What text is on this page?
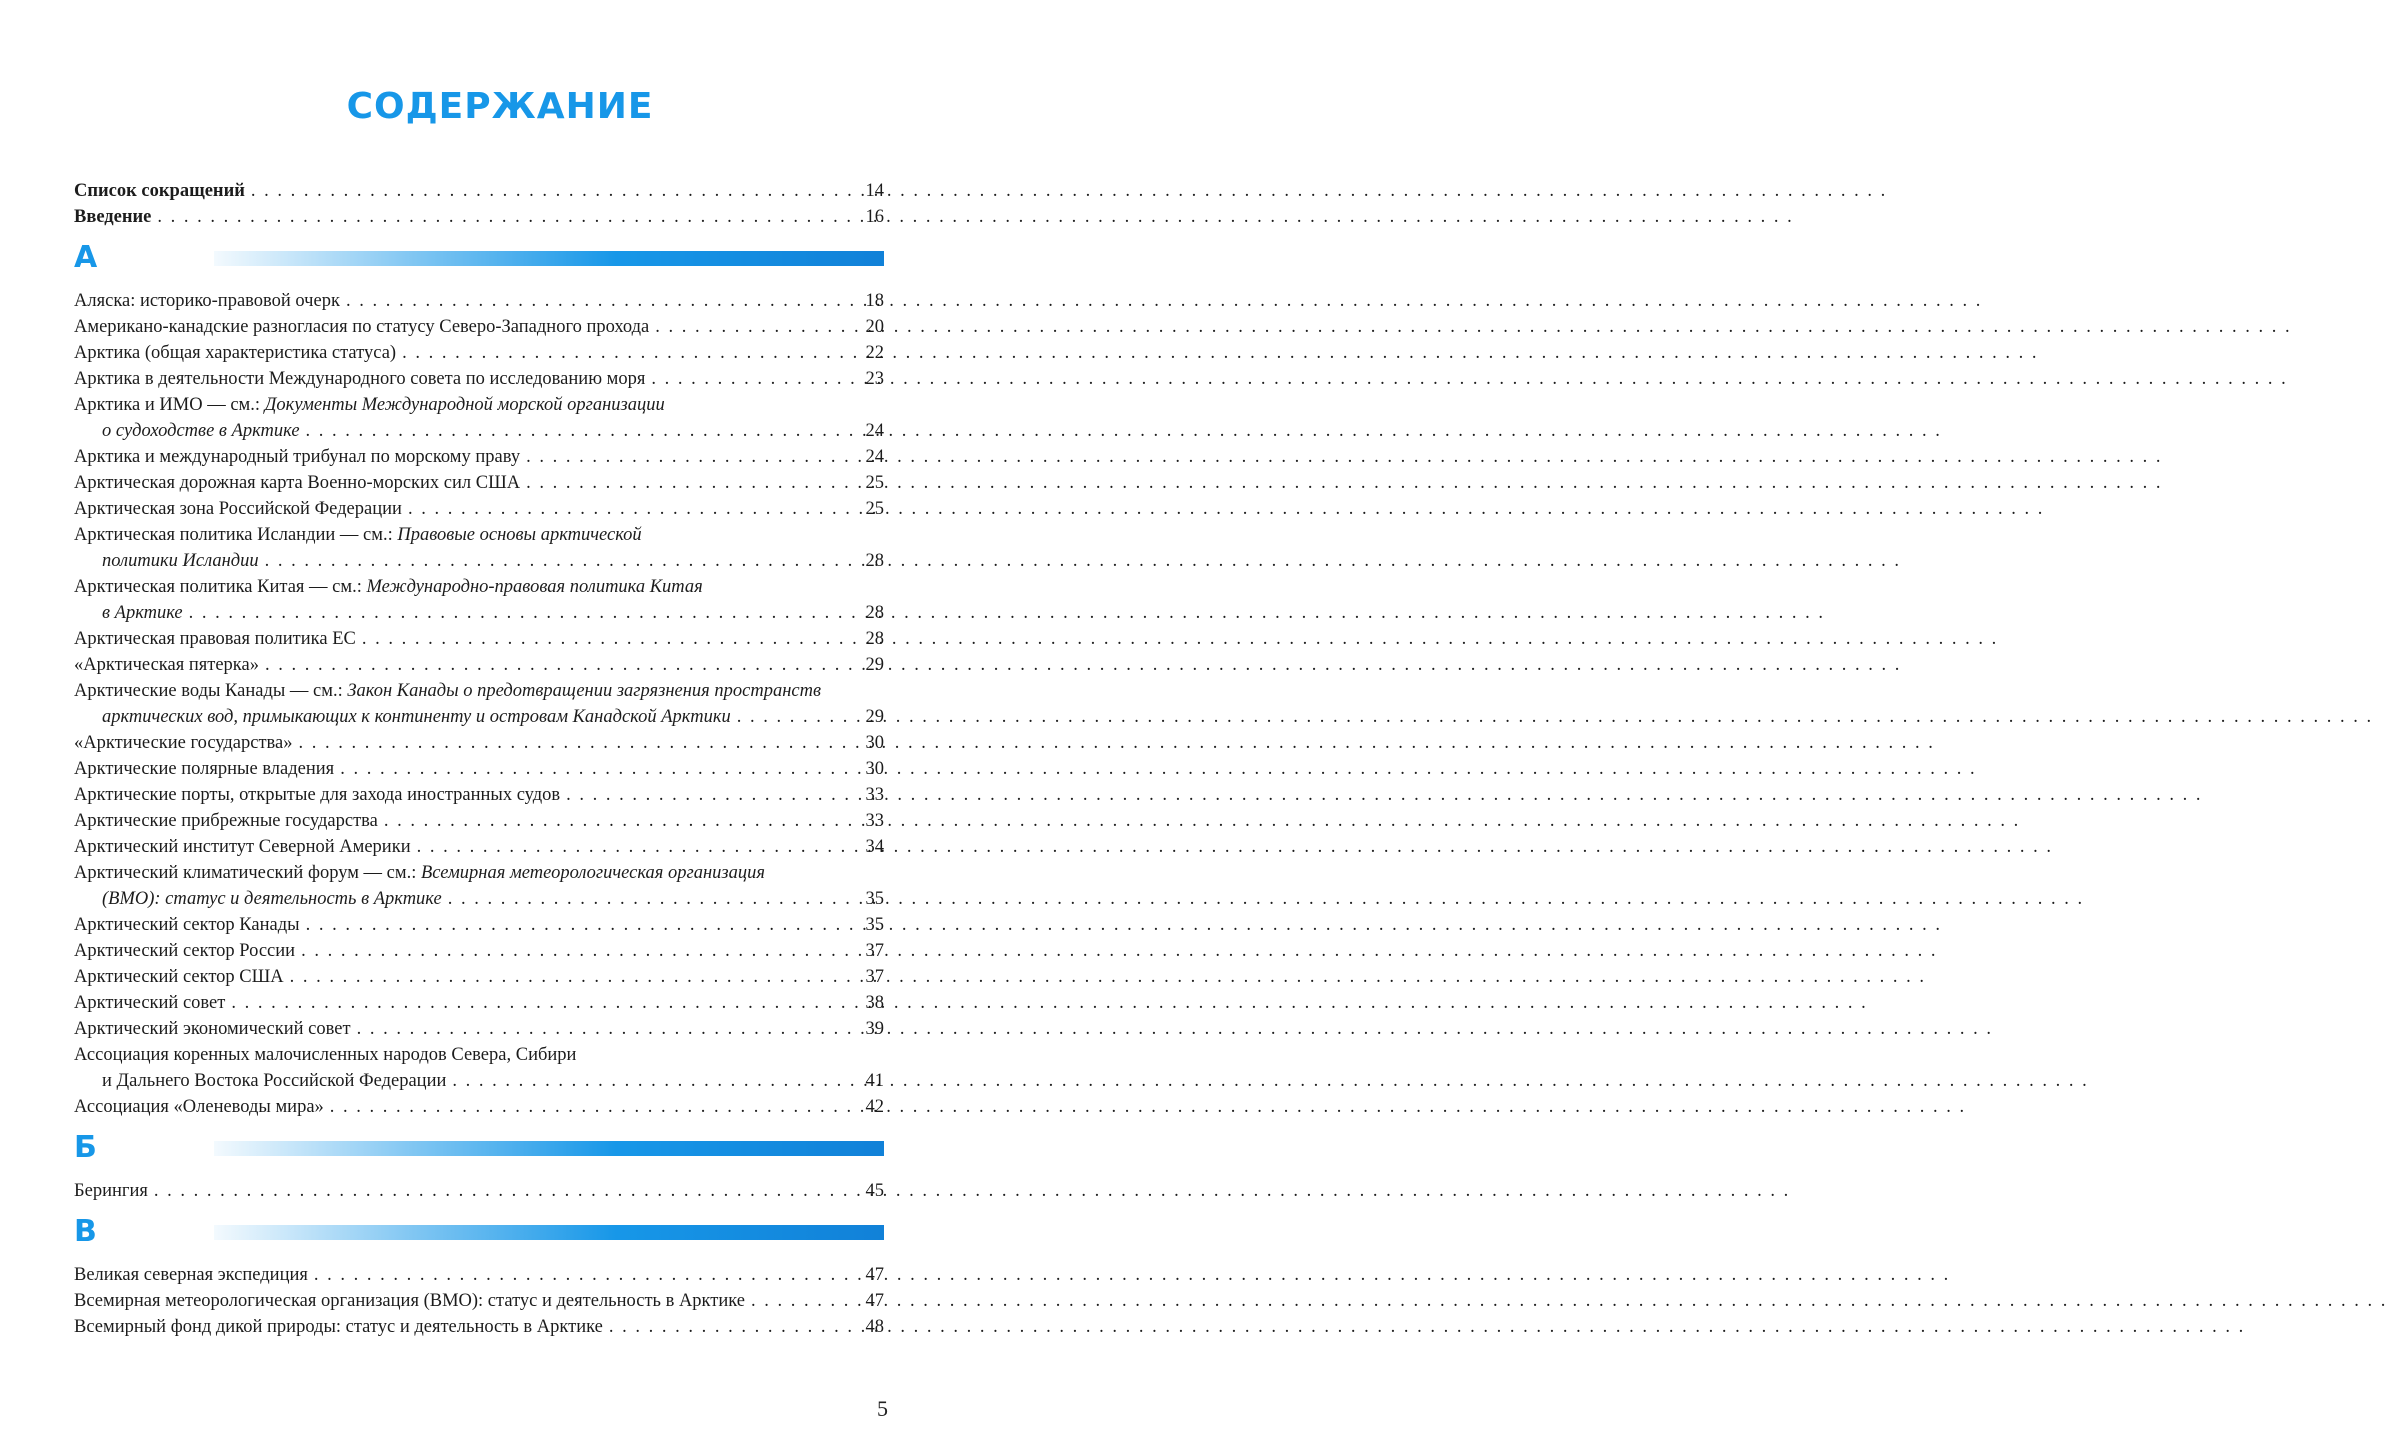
СОДЕРЖАНИЕ
Список сокращений . . .	14
Введение . . .	16
А
Аляска: историко-правовой очерк . . .	18
Американо-канадские разногласия по статусу Северо-Западного прохода . . .	20
Арктика (общая характеристика статуса) . . .	22
Арктика в деятельности Международного совета по исследованию моря . . .	23
Арктика и ИМО — см.: Документы Международной морской организации
о судоходстве в Арктике . . .	24
Арктика и международный трибунал по морскому праву . . .	24
Арктическая дорожная карта Военно-морских сил США . . .	25
Арктическая зона Российской Федерации . . .	25
Арктическая политика Исландии — см.: Правовые основы арктической
политики Исландии . . .	28
Арктическая политика Китая — см.: Международно-правовая политика Китая
в Арктике . . .	28
Арктическая правовая политика ЕС . . .	28
«Арктическая пятерка» . . .	29
Арктические воды Канады — см.: Закон Канады о предотвращении загрязнения пространств
арктических вод, примыкающих к континенту и островам Канадской Арктики . . .	29
«Арктические государства» . . .	30
Арктические полярные владения . . .	30
Арктические порты, открытые для захода иностранных судов . . .	33
Арктические прибрежные государства . . .	33
Арктический институт Северной Америки . . .	34
Арктический климатический форум — см.: Всемирная метеорологическая организация
(ВМО): статус и деятельность в Арктике . . .	35
Арктический сектор Канады . . .	35
Арктический сектор России . . .	37
Арктический сектор США . . .	37
Арктический совет . . .	38
Арктический экономический совет . . .	39
Ассоциация коренных малочисленных народов Севера, Сибири
и Дальнего Востока Российской Федерации . . .	41
Ассоциация «Оленеводы мира» . . .	42
Б
Берингия . . .	45
В
Великая северная экспедиция . . .	47
Всемирная метеорологическая организация (ВМО): статус и деятельность в Арктике . . .	47
Всемирный фонд дикой природы: статус и деятельность в Арктике . . .	48
5
